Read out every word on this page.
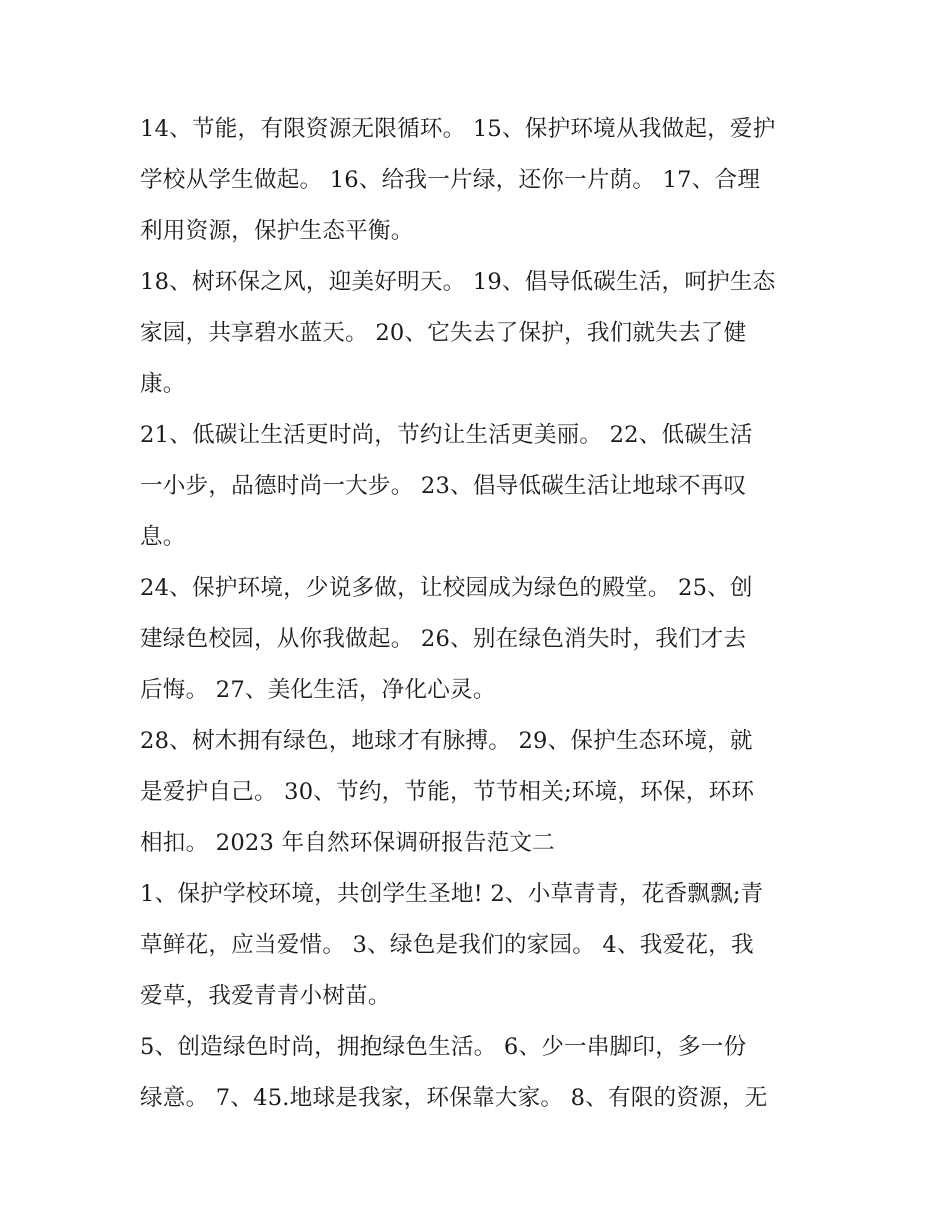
14、节能，有限资源无限循环。 15、保护环境从我做起，爱护
学校从学生做起。 16、给我一片绿，还你一片荫。 17、合理
利用资源，保护生态平衡。

18、树环保之风，迎美好明天。 19、倡导低碳生活，呵护生态
家园，共享碧水蓝天。 20、它失去了保护，我们就失去了健
康。

21、低碳让生活更时尚，节约让生活更美丽。 22、低碳生活
一小步，品德时尚一大步。 23、倡导低碳生活让地球不再叹
息。

24、保护环境，少说多做，让校园成为绿色的殿堂。 25、创
建绿色校园，从你我做起。 26、别在绿色消失时，我们才去
后悔。 27、美化生活，净化心灵。

28、树木拥有绿色，地球才有脉搏。 29、保护生态环境，就
是爱护自己。 30、节约，节能，节节相关;环境，环保，环环
相扣。 2023 年自然环保调研报告范文二

1、保护学校环境，共创学生圣地! 2、小草青青，花香飘飘;青
草鲜花，应当爱惜。 3、绿色是我们的家园。 4、我爱花，我
爱草，我爱青青小树苗。

5、创造绿色时尚，拥抱绿色生活。 6、少一串脚印，多一份
绿意。 7、45.地球是我家，环保靠大家。 8、有限的资源，无
